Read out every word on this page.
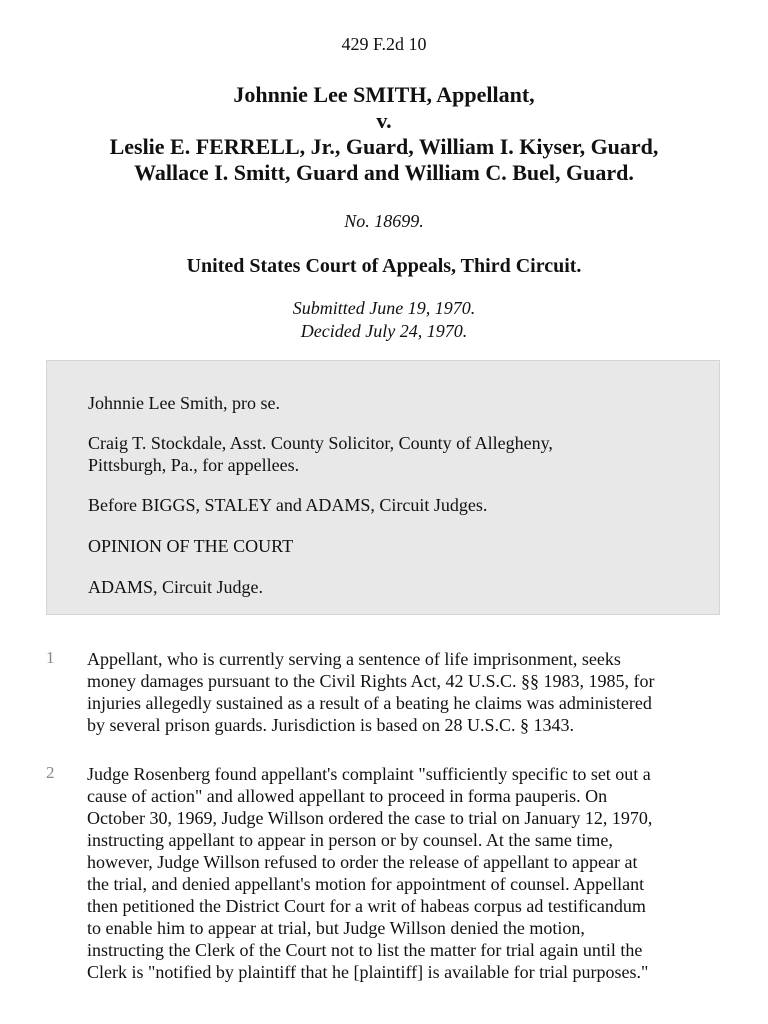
429 F.2d 10
Johnnie Lee SMITH, Appellant,
v.
Leslie E. FERRELL, Jr., Guard, William I. Kiyser, Guard,
Wallace I. Smitt, Guard and William C. Buel, Guard.
No. 18699.
United States Court of Appeals, Third Circuit.
Submitted June 19, 1970.
Decided July 24, 1970.

Johnnie Lee Smith, pro se.

Craig T. Stockdale, Asst. County Solicitor, County of Allegheny,
Pittsburgh, Pa., for appellees.

Before BIGGS, STALEY and ADAMS, Circuit Judges.

OPINION OF THE COURT

ADAMS, Circuit Judge.

1 Appellant, who is currently serving a sentence of life imprisonment, seeks
money damages pursuant to the Civil Rights Act, 42 U.S.C. §§ 1983, 1985, for
injuries allegedly sustained as a result of a beating he claims was administered
by several prison guards. Jurisdiction is based on 28 U.S.C. § 1343.

2 Judge Rosenberg found appellant's complaint "sufficiently specific to set out a
cause of action" and allowed appellant to proceed in forma pauperis. On
October 30, 1969, Judge Willson ordered the case to trial on January 12, 1970,
instructing appellant to appear in person or by counsel. At the same time,
however, Judge Willson refused to order the release of appellant to appear at
the trial, and denied appellant's motion for appointment of counsel. Appellant
then petitioned the District Court for a writ of habeas corpus ad testificandum
to enable him to appear at trial, but Judge Willson denied the motion,
instructing the Clerk of the Court not to list the matter for trial again until the
Clerk is "notified by plaintiff that he [plaintiff] is available for trial purposes."
